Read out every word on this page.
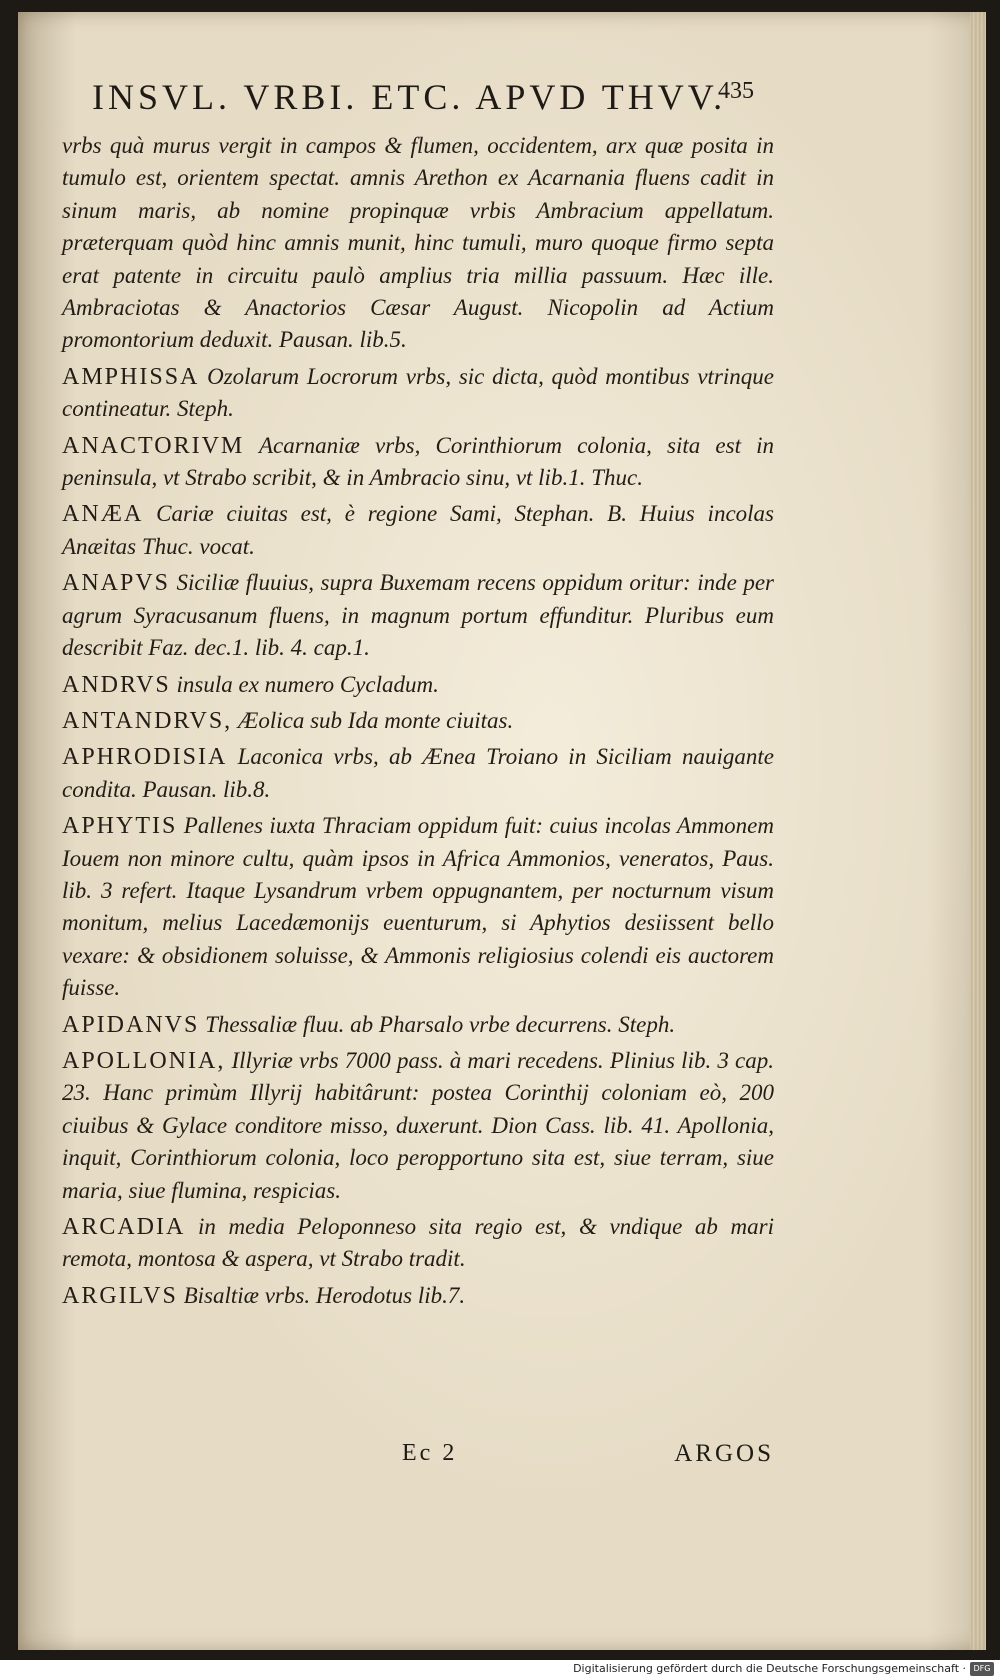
INSVL. VRBI. ETC. APVD THVV.
435

vrbs quà murus vergit in campos & flumen, occidentem, arx quæ posita in tumulo est, orientem spectat. amnis Arethon ex Acarnania fluens cadit in sinum maris, ab nomine propinquæ vrbis Ambracium appellatum. præterquam quòd hinc amnis munit, hinc tumuli, muro quoque firmo septa erat patente in circuitu paulò amplius tria millia passuum. Hæc ille. Ambraciotas & Anactorios Cæsar August. Nicopolin ad Actium promontorium deduxit. Pausan. lib.5.

AMPHISSA Ozolarum Locrorum vrbs, sic dicta, quòd montibus vtrinque contineatur. Steph.

ANACTORIVM Acarnaniæ vrbs, Corinthiorum colonia, sita est in peninsula, vt Strabo scribit, & in Ambracio sinu, vt lib.1. Thuc.

ANÆA Cariæ ciuitas est, è regione Sami, Stephan. B. Huius incolas Anæitas Thuc. vocat.

ANAPVS Siciliæ fluuius, supra Buxemam recens oppidum oritur: inde per agrum Syracusanum fluens, in magnum portum effunditur. Pluribus eum describit Faz. dec.1. lib. 4. cap.1.

ANDRVS insula ex numero Cycladum.

ANTANDRVS, Æolica sub Ida monte ciuitas.

APHRODISIA Laconica vrbs, ab Ænea Troiano in Siciliam nauigante condita. Pausan. lib.8.

APHYTIS Pallenes iuxta Thraciam oppidum fuit: cuius incolas Ammonem Iouem non minore cultu, quàm ipsos in Africa Ammonios, veneratos, Paus. lib. 3 refert. Itaque Lysandrum vrbem oppugnantem, per nocturnum visum monitum, melius Lacedæmonijs euenturum, si Aphytios desiissent bello vexare: & obsidionem soluisse, & Ammonis religiosius colendi eis auctorem fuisse.

APIDANVS Thessaliæ fluu. ab Pharsalo vrbe decurrens. Steph.

APOLLONIA, Illyriæ vrbs 7000 pass. à mari recedens. Plinius lib. 3 cap. 23. Hanc primùm Illyrij habitârunt: postea Corinthij coloniam eò, 200 ciuibus & Gylace conditore misso, duxerunt. Dion Cass. lib. 41. Apollonia, inquit, Corinthiorum colonia, loco peropportuno sita est, siue terram, siue maria, siue flumina, respicias.

ARCADIA in media Peloponneso sita regio est, & vndique ab mari remota, montosa & aspera, vt Strabo tradit.

ARGILVS Bisaltiæ vrbs. Herodotus lib.7.

Ec 2	ARGOS
Digitalisierung gefördert durch die Deutsche Forschungsgemeinschaft · DFG
